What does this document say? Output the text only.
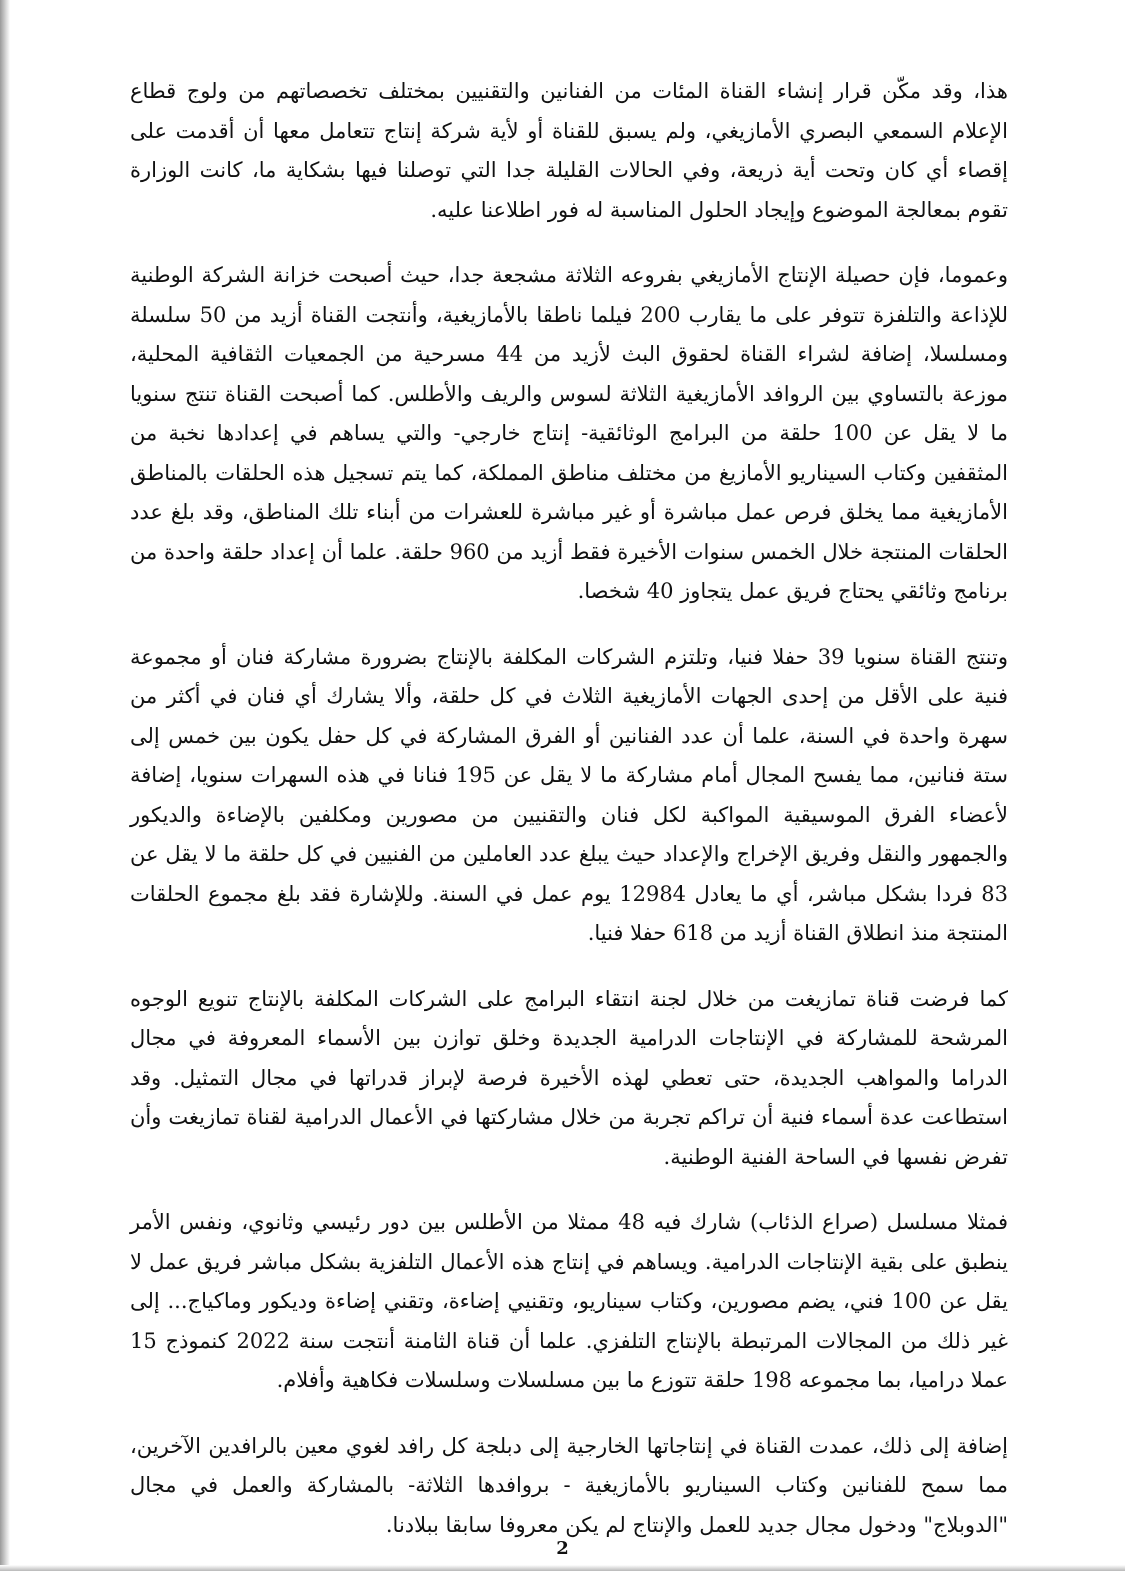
هذا، وقد مكّن قرار إنشاء القناة المئات من الفنانين والتقنيين بمختلف تخصصاتهم من ولوج قطاع الإعلام السمعي البصري الأمازيغي، ولم يسبق للقناة أو لأية شركة إنتاج تتعامل معها أن أقدمت على إقصاء أي كان وتحت أية ذريعة، وفي الحالات القليلة جدا التي توصلنا فيها بشكاية ما، كانت الوزارة تقوم بمعالجة الموضوع وإيجاد الحلول المناسبة له فور اطلاعنا عليه.

وعموما، فإن حصيلة الإنتاج الأمازيغي بفروعه الثلاثة مشجعة جدا، حيث أصبحت خزانة الشركة الوطنية للإذاعة والتلفزة تتوفر على ما يقارب 200 فيلما ناطقا بالأمازيغية، وأنتجت القناة أزيد من 50 سلسلة ومسلسلا، إضافة لشراء القناة لحقوق البث لأزيد من 44 مسرحية من الجمعيات الثقافية المحلية، موزعة بالتساوي بين الروافد الأمازيغية الثلاثة لسوس والريف والأطلس. كما أصبحت القناة تنتج سنويا ما لا يقل عن 100 حلقة من البرامج الوثائقية- إنتاج خارجي- والتي يساهم في إعدادها نخبة من المثقفين وكتاب السيناريو الأمازيغ من مختلف مناطق المملكة، كما يتم تسجيل هذه الحلقات بالمناطق الأمازيغية مما يخلق فرص عمل مباشرة أو غير مباشرة للعشرات من أبناء تلك المناطق، وقد بلغ عدد الحلقات المنتجة خلال الخمس سنوات الأخيرة فقط أزيد من 960 حلقة. علما أن إعداد حلقة واحدة من برنامج وثائقي يحتاج فريق عمل يتجاوز 40 شخصا.

وتنتج القناة سنويا 39 حفلا فنيا، وتلتزم الشركات المكلفة بالإنتاج بضرورة مشاركة فنان أو مجموعة فنية على الأقل من إحدى الجهات الأمازيغية الثلاث في كل حلقة، وألا يشارك أي فنان في أكثر من سهرة واحدة في السنة، علما أن عدد الفنانين أو الفرق المشاركة في كل حفل يكون بين خمس إلى ستة فنانين، مما يفسح المجال أمام مشاركة ما لا يقل عن 195 فنانا في هذه السهرات سنويا، إضافة لأعضاء الفرق الموسيقية المواكبة لكل فنان والتقنيين من مصورين ومكلفين بالإضاءة والديكور والجمهور والنقل وفريق الإخراج والإعداد حيث يبلغ عدد العاملين من الفنيين في كل حلقة ما لا يقل عن 83 فردا بشكل مباشر، أي ما يعادل 12984 يوم عمل في السنة. وللإشارة فقد بلغ مجموع الحلقات المنتجة منذ انطلاق القناة أزيد من 618 حفلا فنيا.

كما فرضت قناة تمازيغت من خلال لجنة انتقاء البرامج على الشركات المكلفة بالإنتاج تنويع الوجوه المرشحة للمشاركة في الإنتاجات الدرامية الجديدة وخلق توازن بين الأسماء المعروفة في مجال الدراما والمواهب الجديدة، حتى تعطي لهذه الأخيرة فرصة لإبراز قدراتها في مجال التمثيل. وقد استطاعت عدة أسماء فنية أن تراكم تجربة من خلال مشاركتها في الأعمال الدرامية لقناة تمازيغت وأن تفرض نفسها في الساحة الفنية الوطنية.

فمثلا مسلسل (صراع الذئاب) شارك فيه 48 ممثلا من الأطلس بين دور رئيسي وثانوي، ونفس الأمر ينطبق على بقية الإنتاجات الدرامية. ويساهم في إنتاج هذه الأعمال التلفزية بشكل مباشر فريق عمل لا يقل عن 100 فني، يضم مصورين، وكتاب سيناريو، وتقنيي إضاءة، وتقني إضاءة وديكور وماكياج... إلى غير ذلك من المجالات المرتبطة بالإنتاج التلفزي. علما أن قناة الثامنة أنتجت سنة 2022 كنموذج 15 عملا دراميا، بما مجموعه 198 حلقة تتوزع ما بين مسلسلات وسلسلات فكاهية وأفلام.

إضافة إلى ذلك، عمدت القناة في إنتاجاتها الخارجية إلى دبلجة كل رافد لغوي معين بالرافدين الآخرين، مما سمح للفنانين وكتاب السيناريو بالأمازيغية - بروافدها الثلاثة- بالمشاركة والعمل في مجال "الدوبلاج" ودخول مجال جديد للعمل والإنتاج لم يكن معروفا سابقا ببلادنا.

2
